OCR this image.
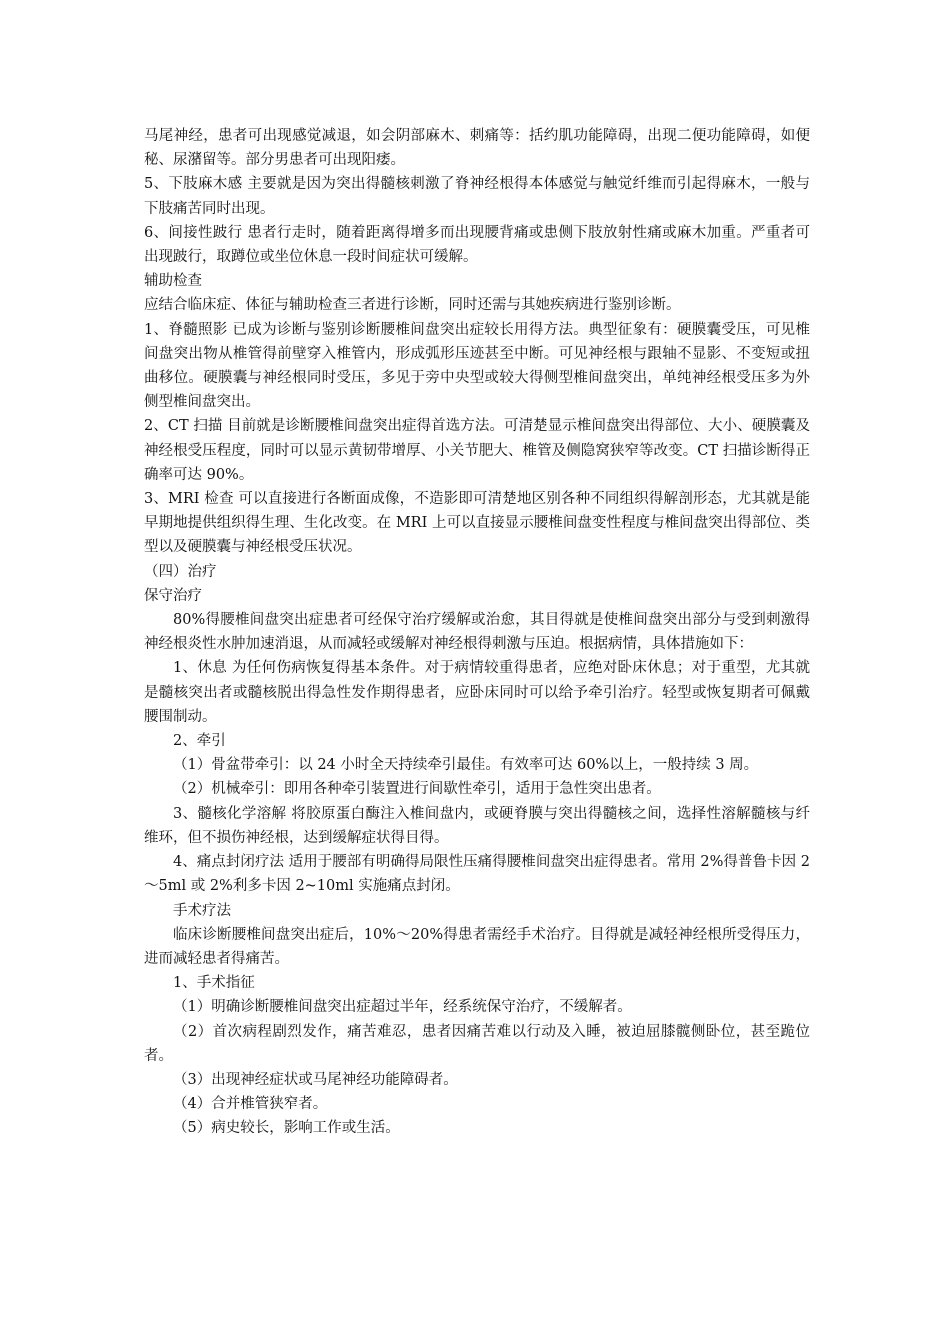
马尾神经，患者可出现感觉减退，如会阴部麻木、刺痛等：括约肌功能障碍，出现二便功能障碍，如便秘、尿潴留等。部分男患者可出现阳痿。

5、下肢麻木感 主要就是因为突出得髓核刺激了脊神经根得本体感觉与触觉纤维而引起得麻木，一般与下肢痛苦同时出现。

6、间接性跛行 患者行走时，随着距离得增多而出现腰背痛或患侧下肢放射性痛或麻木加重。严重者可出现跛行，取蹲位或坐位休息一段时间症状可缓解。

辅助检查

应结合临床症、体征与辅助检查三者进行诊断，同时还需与其她疾病进行鉴别诊断。

1、脊髓照影 已成为诊断与鉴别诊断腰椎间盘突出症较长用得方法。典型征象有：硬膜囊受压，可见椎间盘突出物从椎管得前壁穿入椎管内，形成弧形压迹甚至中断。可见神经根与跟轴不显影、不变短或扭曲移位。硬膜囊与神经根同时受压，多见于旁中央型或较大得侧型椎间盘突出，单纯神经根受压多为外侧型椎间盘突出。

2、CT 扫描 目前就是诊断腰椎间盘突出症得首选方法。可清楚显示椎间盘突出得部位、大小、硬膜囊及神经根受压程度，同时可以显示黄韧带增厚、小关节肥大、椎管及侧隐窝狭窄等改变。CT 扫描诊断得正确率可达 90%。

3、MRI 检查 可以直接进行各断面成像，不造影即可清楚地区别各种不同组织得解剖形态，尤其就是能早期地提供组织得生理、生化改变。在 MRI 上可以直接显示腰椎间盘变性程度与椎间盘突出得部位、类型以及硬膜囊与神经根受压状况。

（四）治疗

保守治疗

80%得腰椎间盘突出症患者可经保守治疗缓解或治愈，其目得就是使椎间盘突出部分与受到刺激得神经根炎性水肿加速消退，从而减轻或缓解对神经根得刺激与压迫。根据病情，具体措施如下：

1、休息 为任何伤病恢复得基本条件。对于病情较重得患者，应绝对卧床休息；对于重型，尤其就是髓核突出者或髓核脱出得急性发作期得患者，应卧床同时可以给予牵引治疗。轻型或恢复期者可佩戴腰围制动。

2、牵引

（1）骨盆带牵引：以 24 小时全天持续牵引最佳。有效率可达 60%以上，一般持续 3 周。

（2）机械牵引：即用各种牵引装置进行间歇性牵引，适用于急性突出患者。

3、髓核化学溶解 将胶原蛋白酶注入椎间盘内，或硬脊膜与突出得髓核之间，选择性溶解髓核与纤维环，但不损伤神经根，达到缓解症状得目得。

4、痛点封闭疗法 适用于腰部有明确得局限性压痛得腰椎间盘突出症得患者。常用 2%得普鲁卡因 2～5ml 或 2%利多卡因 2~10ml 实施痛点封闭。

手术疗法

临床诊断腰椎间盘突出症后，10%～20%得患者需经手术治疗。目得就是减轻神经根所受得压力，进而减轻患者得痛苦。

1、手术指征

（1）明确诊断腰椎间盘突出症超过半年，经系统保守治疗，不缓解者。

（2）首次病程剧烈发作，痛苦难忍，患者因痛苦难以行动及入睡，被迫屈膝髋侧卧位，甚至跪位者。

（3）出现神经症状或马尾神经功能障碍者。

（4）合并椎管狭窄者。

（5）病史较长，影响工作或生活。
